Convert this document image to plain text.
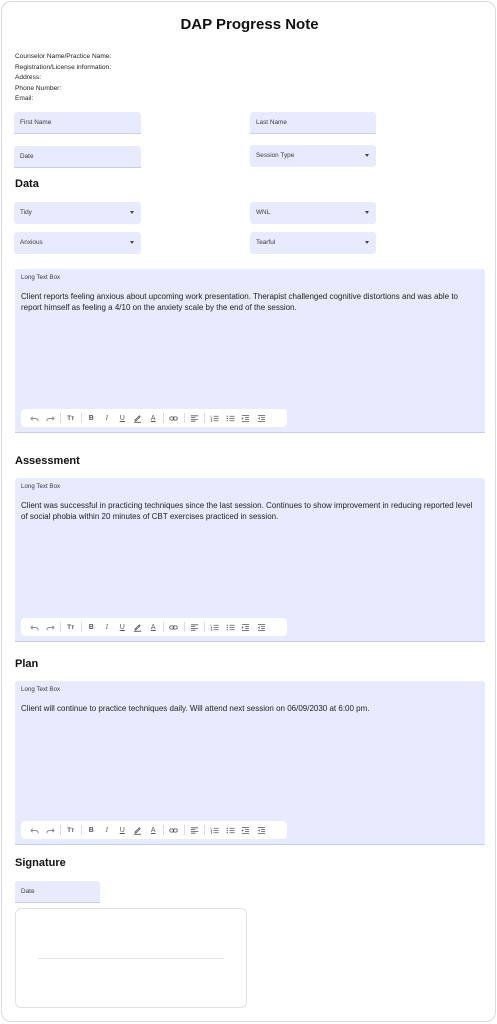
DAP Progress Note
Counselor Name/Practice Name:
Registration/License information:
Address:
Phone Number:
Email:
First Name	Last Name
Date	Session Type
Data
Tidy	WNL
Anxious	Tearful
Long Text Box
Client reports feeling anxious about upcoming work presentation. Therapist challenged cognitive distortions and was able to report himself as feeling a 4/10 on the anxiety scale by the end of the session.
Tт	B	I	U	A
Assessment
Long Text Box
Client was successful in practicing techniques since the last session. Continues to show improvement in reducing reported level of social phobia within 20 minutes of CBT exercises practiced in session.
Tт	B	I	U	A
Plan
Long Text Box
Client will continue to practice techniques daily. Will attend next session on 06/09/2030 at 6:00 pm.
Tт	B	I	U	A
Signature
Date
